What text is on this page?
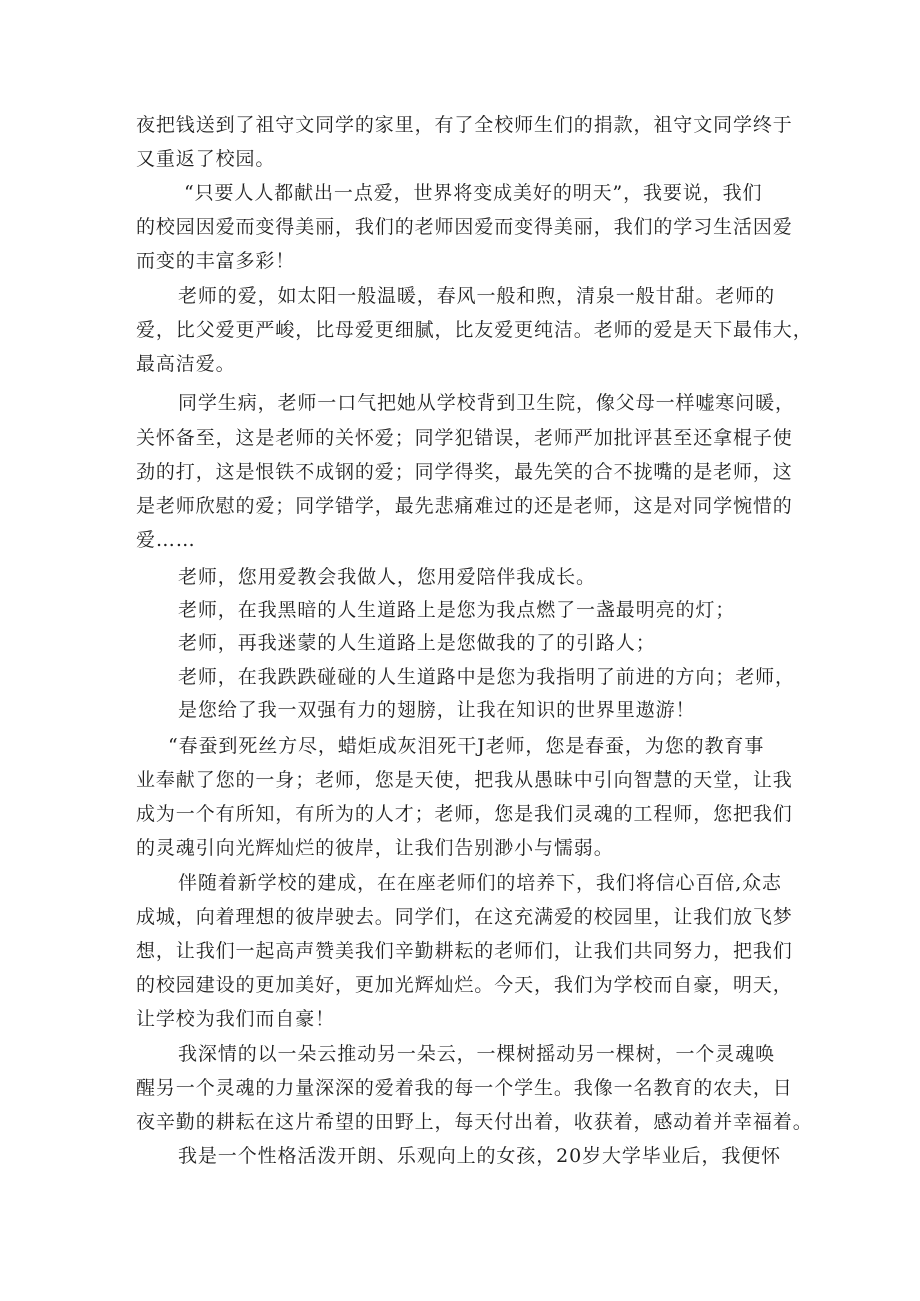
夜把钱送到了祖守文同学的家里，有了全校师生们的捐款，祖守文同学终于
又重返了校园。
“只要人人都献出一点爱，世界将变成美好的明天”，我要说，我们
的校园因爱而变得美丽，我们的老师因爱而变得美丽，我们的学习生活因爱
而变的丰富多彩！
老师的爱，如太阳一般温暖，春风一般和煦，清泉一般甘甜。老师的
爱，比父爱更严峻，比母爱更细腻，比友爱更纯洁。老师的爱是天下最伟大，
最高洁爱。
同学生病，老师一口气把她从学校背到卫生院，像父母一样嘘寒问暖，
关怀备至，这是老师的关怀爱；同学犯错误，老师严加批评甚至还拿棍子使
劲的打，这是恨铁不成钢的爱；同学得奖，最先笑的合不拢嘴的是老师，这
是老师欣慰的爱；同学错学，最先悲痛难过的还是老师，这是对同学惋惜的
爱……
老师，您用爱教会我做人，您用爱陪伴我成长。
老师，在我黑暗的人生道路上是您为我点燃了一盏最明亮的灯；
老师，再我迷蒙的人生道路上是您做我的了的引路人；
老师，在我跌跌碰碰的人生道路中是您为我指明了前进的方向；老师，
是您给了我一双强有力的翅膀，让我在知识的世界里遨游！
“春蚕到死丝方尽，蜡炬成灰泪死干J老师，您是春蚕，为您的教育事
业奉献了您的一身；老师，您是天使，把我从愚昧中引向智慧的天堂，让我
成为一个有所知，有所为的人才；老师，您是我们灵魂的工程师，您把我们
的灵魂引向光辉灿烂的彼岸，让我们告别渺小与懦弱。
伴随着新学校的建成，在在座老师们的培养下，我们将信心百倍,众志
成城，向着理想的彼岸驶去。同学们，在这充满爱的校园里，让我们放飞梦
想，让我们一起高声赞美我们辛勤耕耘的老师们，让我们共同努力，把我们
的校园建设的更加美好，更加光辉灿烂。今天，我们为学校而自豪，明天，
让学校为我们而自豪！
我深情的以一朵云推动另一朵云，一棵树摇动另一棵树，一个灵魂唤
醒另一个灵魂的力量深深的爱着我的每一个学生。我像一名教育的农夫，日
夜辛勤的耕耘在这片希望的田野上，每天付出着，收获着，感动着并幸福着。
我是一个性格活泼开朗、乐观向上的女孩，20岁大学毕业后，我便怀
